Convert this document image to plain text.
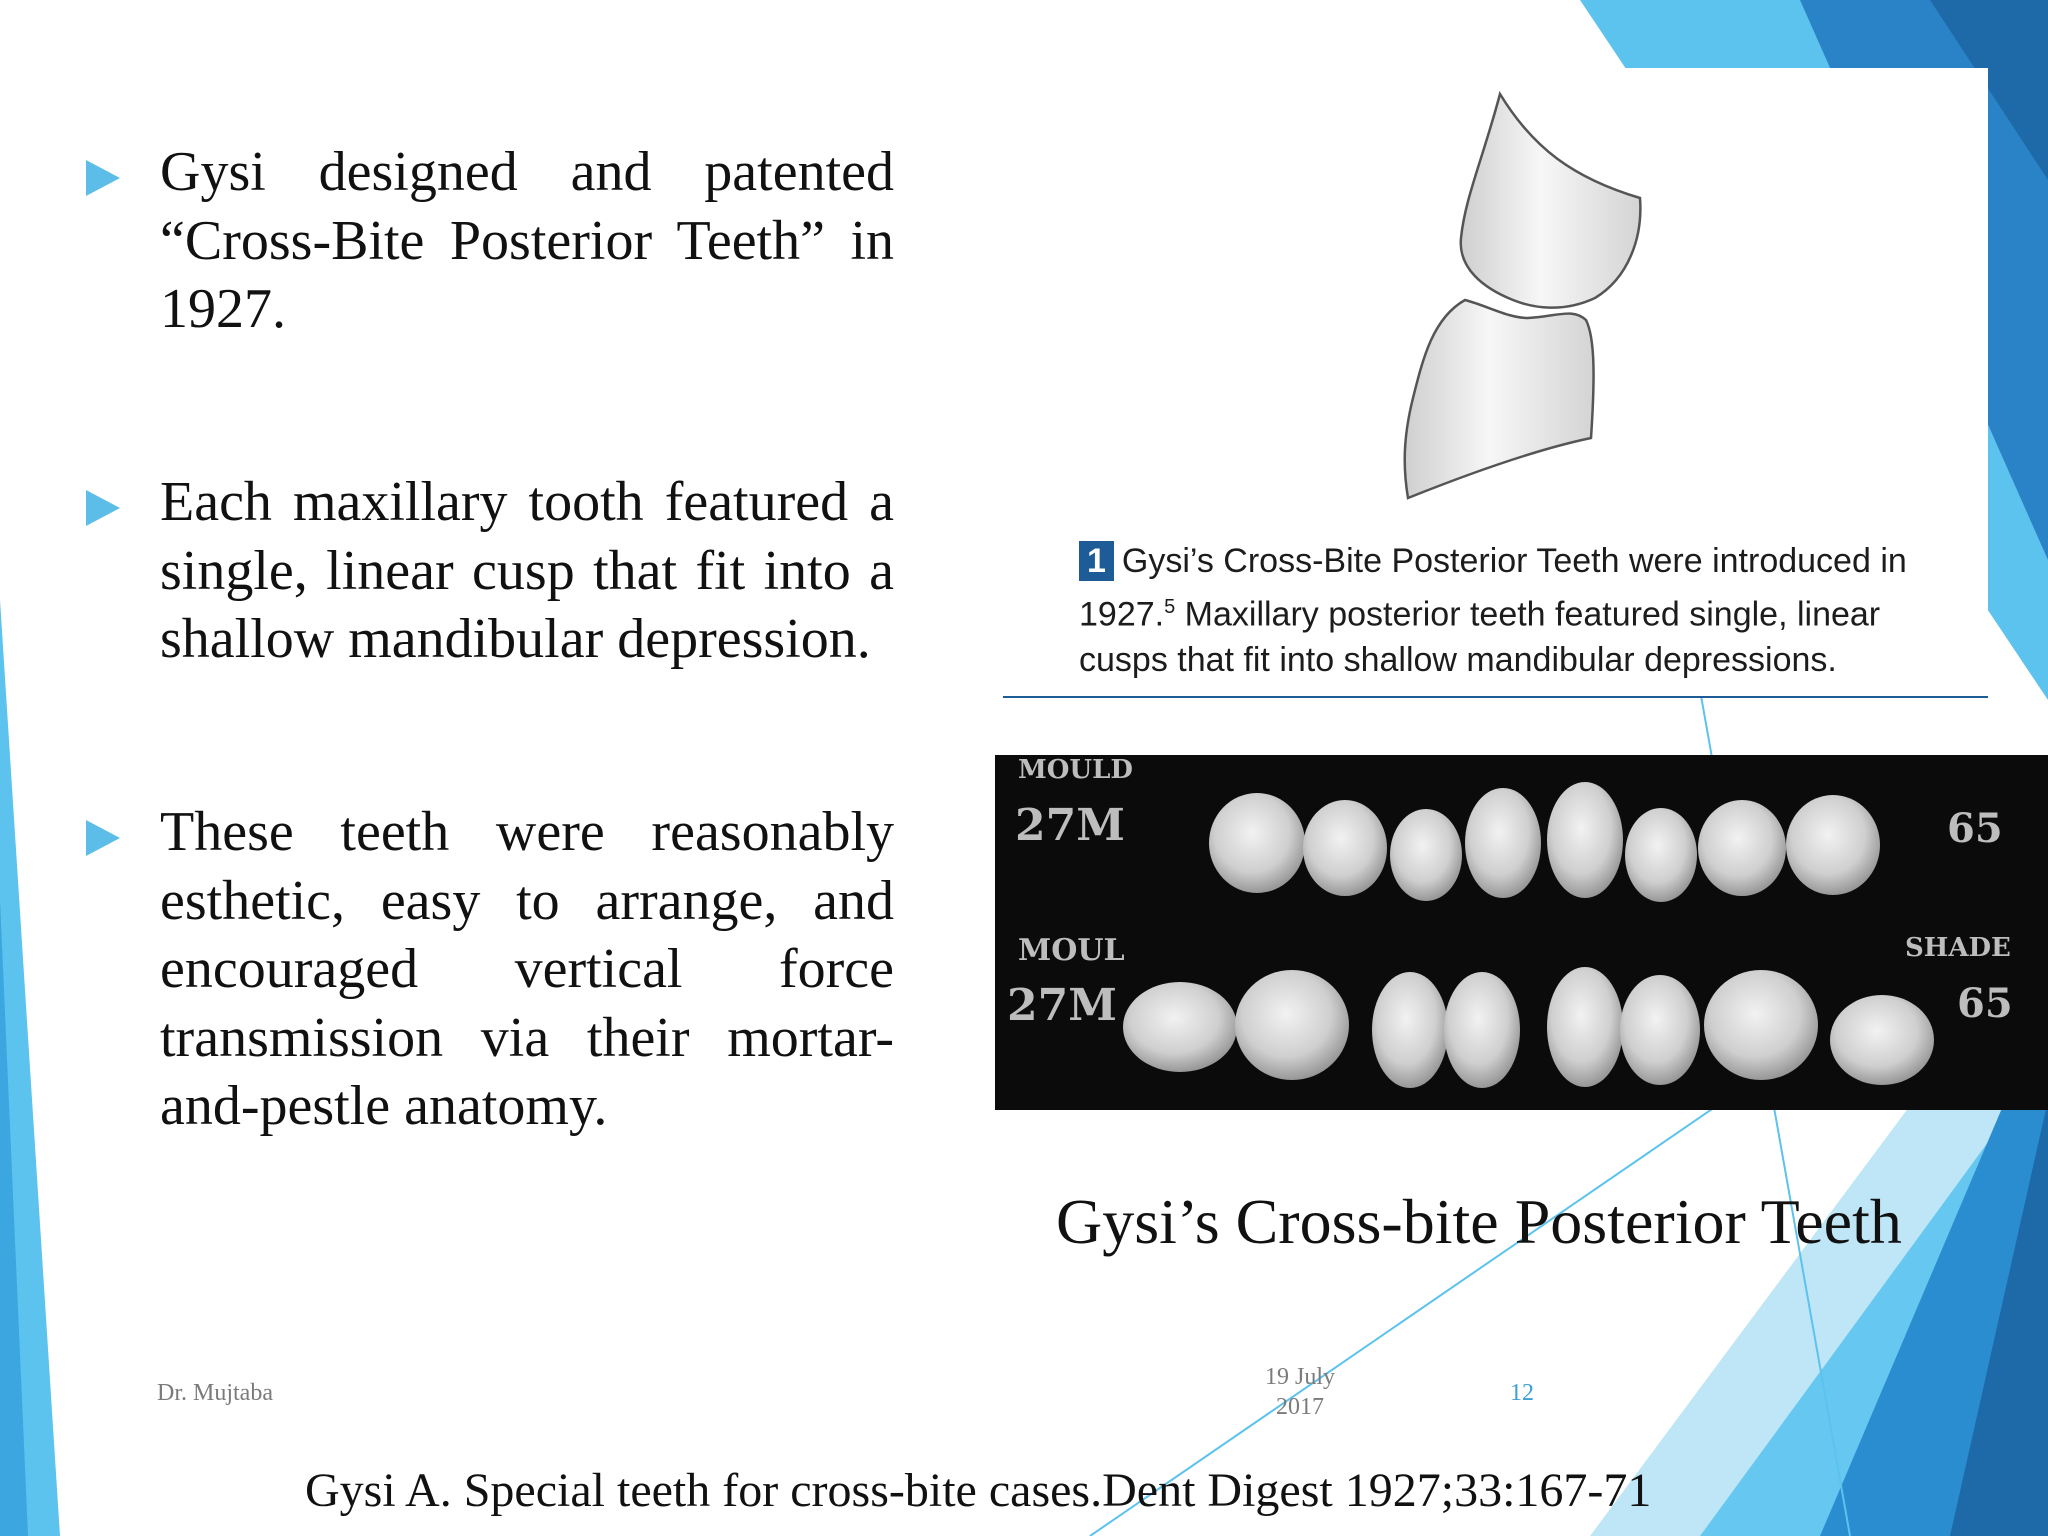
Gysi designed and patented “Cross-Bite Posterior Teeth” in 1927.
Each maxillary tooth featured a single, linear cusp that fit into a shallow mandibular depression.
These teeth were reasonably esthetic, easy to arrange, and encouraged vertical force transmission via their mortar-and-pestle anatomy.
1 Gysi’s Cross-Bite Posterior Teeth were introduced in
1927.$^5$ Maxillary posterior teeth featured single, linear
cusps that fit into shallow mandibular depressions.
MOULD
27M	65
MOUL
27M
SHADE
65
Gysi’s Cross-bite Posterior Teeth
Dr. Mujtaba
19 July
2017
12
Gysi A. Special teeth for cross-bite cases.Dent Digest 1927;33:167-71
